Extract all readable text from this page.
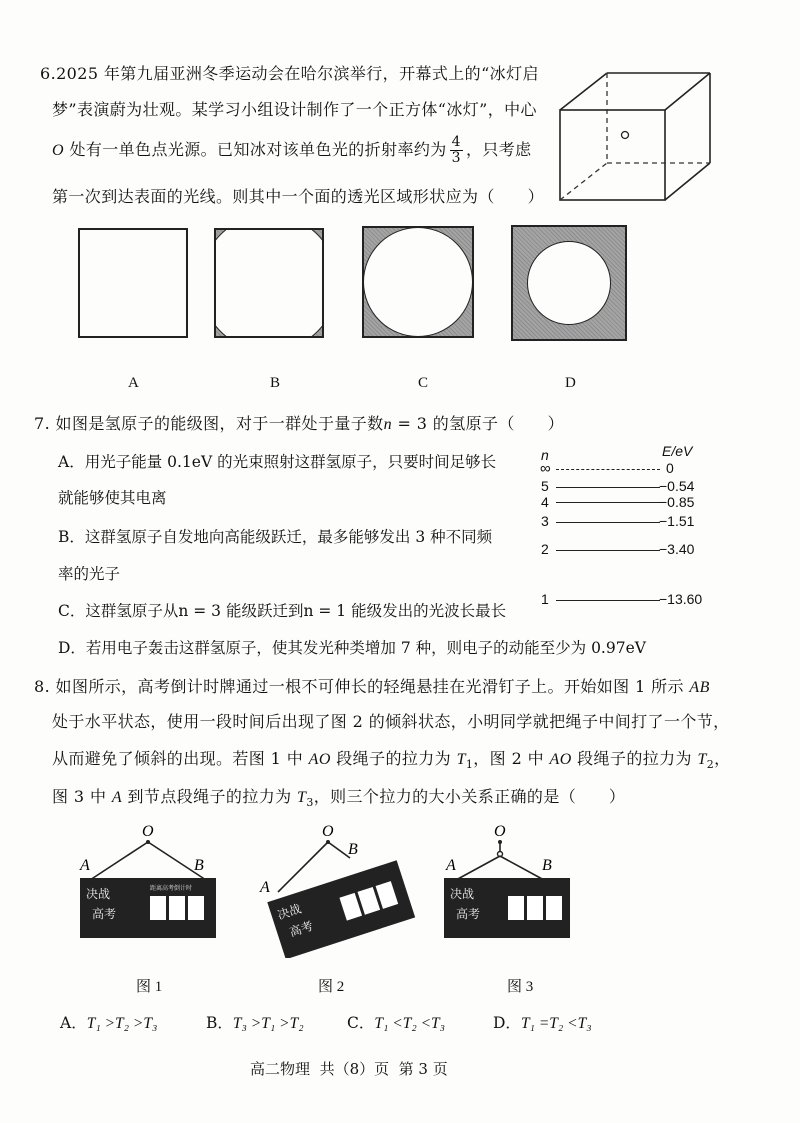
6.2025 年第九届亚洲冬季运动会在哈尔滨举行，开幕式上的“冰灯启
梦”表演蔚为壮观。某学习小组设计制作了一个正方体“冰灯”，中心
O 处有一单色点光源。已知冰对该单色光的折射率约为 $\frac{4}{3}$ ，只考虑
第一次到达表面的光线。则其中一个面的透光区域形状应为（　　）
A	B	C	D
7. 如图是氢原子的能级图，对于一群处于量子数n = 3 的氢原子（　　）
A．用光子能量 0.1eV 的光束照射这群氢原子，只要时间足够长
就能够使其电离
B．这群氢原子自发地向高能级跃迁，最多能够发出 3 种不同频
率的光子
C．这群氢原子从n = 3 能级跃迁到n = 1 能级发出的光波长最长
D．若用电子轰击这群氢原子，使其发光种类增加 7 种，则电子的动能至少为 0.97eV
n	E/eV
∞	0
5	−0.54
4	−0.85
3	−1.51
2	−3.40
1	−13.60
8. 如图所示，高考倒计时牌通过一根不可伸长的轻绳悬挂在光滑钉子上。开始如图 1 所示 AB
处于水平状态，使用一段时间后出现了图 2 的倾斜状态，小明同学就把绳子中间打了一个节，
从而避免了倾斜的出现。若图 1 中 AO 段绳子的拉力为 $T_1$，图 2 中 AO 段绳子的拉力为 $T_2$，
图 3 中 A 到节点段绳子的拉力为 $T_3$，则三个拉力的大小关系正确的是（　　）
O
A	B
决战
高考
距离高考倒计时
图 1
O
A
B
决战
高考
图 2
O
A	B
决战
高考
图 3
A．T₁ >T₂ >T₃	B．T₃ >T₁ >T₂	C．T₁ <T₂ <T₃	D．T₁ =T₂ <T₃
高二物理 共（8）页 第 3 页
